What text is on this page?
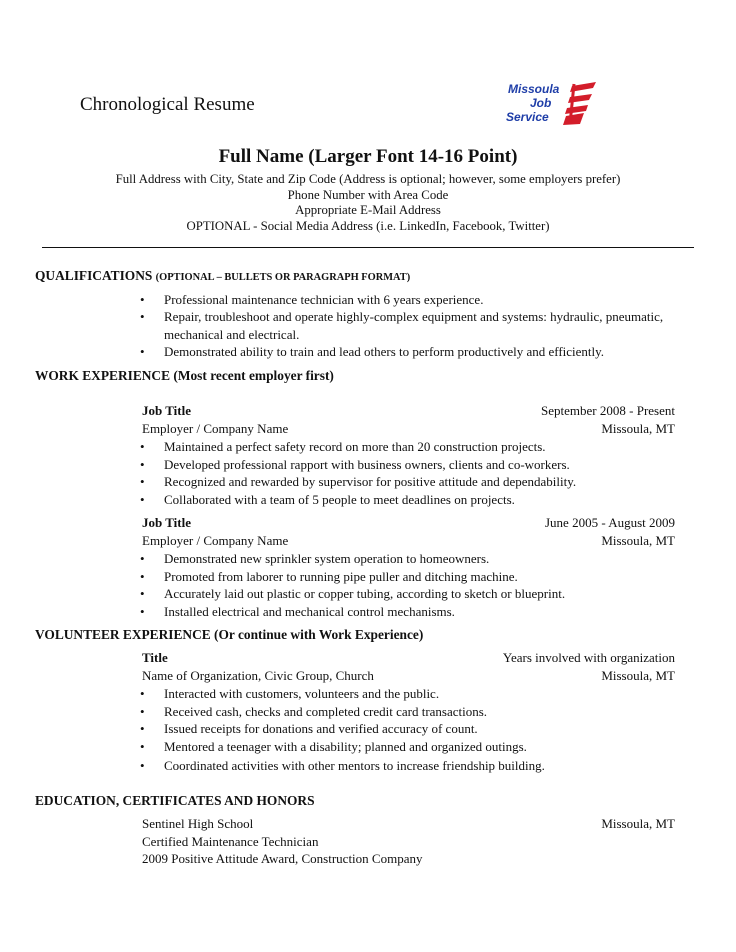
Chronological Resume
Missoula
Job
Service
Full Name (Larger Font 14-16 Point)
Full Address with City, State and Zip Code (Address is optional; however, some employers prefer)
Phone Number with Area Code
Appropriate E-Mail Address
OPTIONAL - Social Media Address (i.e. LinkedIn, Facebook, Twitter)
QUALIFICATIONS (OPTIONAL – BULLETS OR PARAGRAPH FORMAT)
• Professional maintenance technician with 6 years experience.
• Repair, troubleshoot and operate highly-complex equipment and systems: hydraulic, pneumatic, mechanical and electrical.
• Demonstrated ability to train and lead others to perform productively and efficiently.
WORK EXPERIENCE (Most recent employer first)
Job Title	September 2008 - Present
Employer / Company Name	Missoula, MT
• Maintained a perfect safety record on more than 20 construction projects.
• Developed professional rapport with business owners, clients and co-workers.
• Recognized and rewarded by supervisor for positive attitude and dependability.
• Collaborated with a team of 5 people to meet deadlines on projects.
Job Title	June 2005 - August 2009
Employer / Company Name	Missoula, MT
• Demonstrated new sprinkler system operation to homeowners.
• Promoted from laborer to running pipe puller and ditching machine.
• Accurately laid out plastic or copper tubing, according to sketch or blueprint.
• Installed electrical and mechanical control mechanisms.
VOLUNTEER EXPERIENCE (Or continue with Work Experience)
Title	Years involved with organization
Name of Organization, Civic Group, Church	Missoula, MT
• Interacted with customers, volunteers and the public.
• Received cash, checks and completed credit card transactions.
• Issued receipts for donations and verified accuracy of count.
• Mentored a teenager with a disability; planned and organized outings.
• Coordinated activities with other mentors to increase friendship building.
EDUCATION, CERTIFICATES AND HONORS
Sentinel High School	Missoula, MT
Certified Maintenance Technician
2009 Positive Attitude Award, Construction Company
